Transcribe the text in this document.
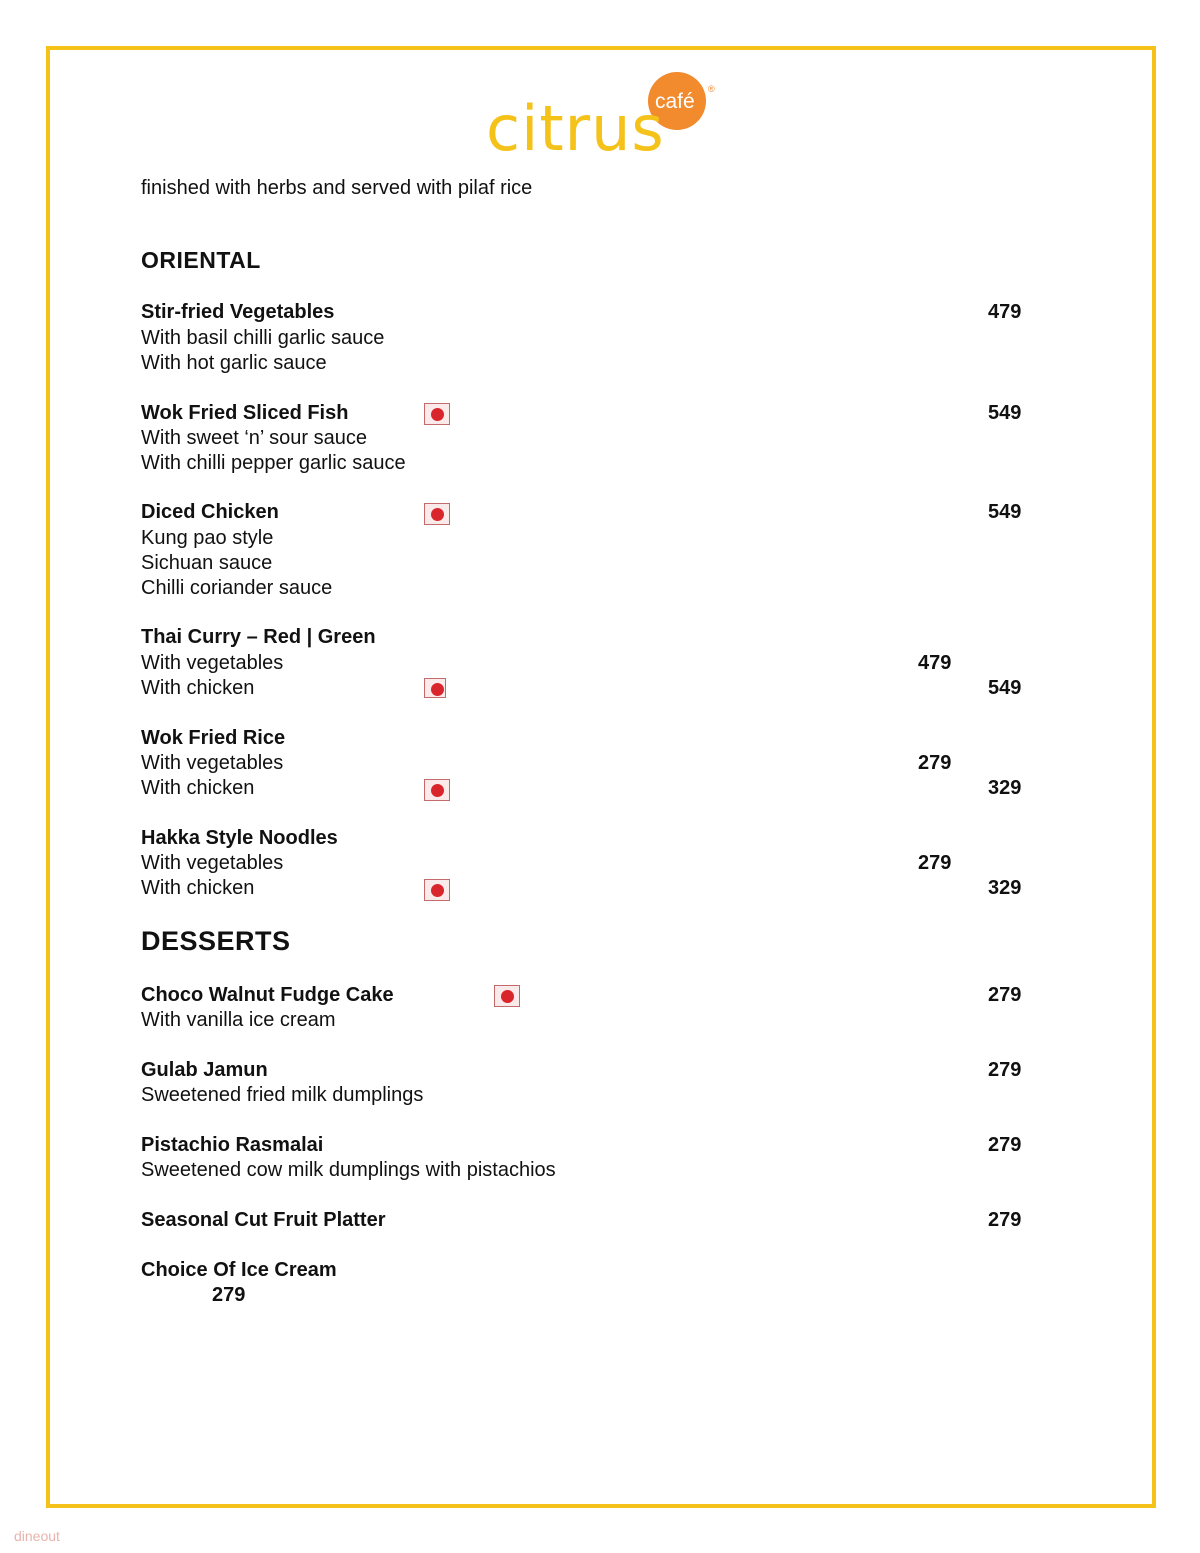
café
®
citrus
finished with herbs and served with pilaf rice
ORIENTAL
Stir-fried Vegetables	479
With basil chilli garlic sauce
With hot garlic sauce
Wok Fried Sliced Fish	549
With sweet ‘n’ sour sauce
With chilli pepper garlic sauce
Diced Chicken	549
Kung pao style
Sichuan sauce
Chilli coriander sauce
Thai Curry – Red | Green
With vegetables	479
With chicken	549
Wok Fried Rice
With vegetables	279
With chicken	329
Hakka Style Noodles
With vegetables	279
With chicken	329
DESSERTS
Choco Walnut Fudge Cake	279
With vanilla ice cream
Gulab Jamun	279
Sweetened fried milk dumplings
Pistachio Rasmalai	279
Sweetened cow milk dumplings with pistachios
Seasonal Cut Fruit Platter	279
Choice Of Ice Cream
279
dineout
